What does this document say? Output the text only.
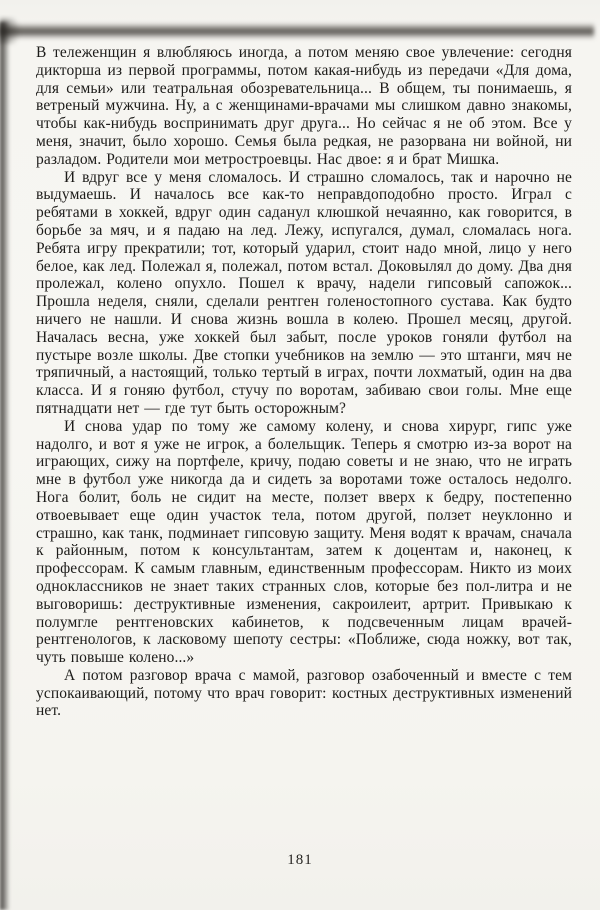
В тележенщин я влюбляюсь иногда, а потом меняю свое увлечение: сегодня дикторша из первой программы, потом какая-нибудь из передачи «Для дома, для семьи» или театральная обозревательница... В общем, ты понимаешь, я ветреный мужчина. Ну, а с женщинами-врачами мы слишком давно знакомы, чтобы как-нибудь воспринимать друг друга... Но сейчас я не об этом. Все у меня, значит, было хорошо. Семья была редкая, не разорвана ни войной, ни разладом. Родители мои метростроевцы. Нас двое: я и брат Мишка.

И вдруг все у меня сломалось. И страшно сломалось, так и нарочно не выдумаешь. И началось все как-то неправдоподобно просто. Играл с ребятами в хоккей, вдруг один саданул клюшкой нечаянно, как говорится, в борьбе за мяч, и я падаю на лед. Лежу, испугался, думал, сломалась нога. Ребята игру прекратили; тот, который ударил, стоит надо мной, лицо у него белое, как лед. Полежал я, полежал, потом встал. Доковылял до дому. Два дня пролежал, колено опухло. Пошел к врачу, надели гипсовый сапожок... Прошла неделя, сняли, сделали рентген голеностопного сустава. Как будто ничего не нашли. И снова жизнь вошла в колею. Прошел месяц, другой. Началась весна, уже хоккей был забыт, после уроков гоняли футбол на пустыре возле школы. Две стопки учебников на землю — это штанги, мяч не тряпичный, а настоящий, только тертый в играх, почти лохматый, один на два класса. И я гоняю футбол, стучу по воротам, забиваю свои голы. Мне еще пятнадцати нет — где тут быть осторожным?

И снова удар по тому же самому колену, и снова хирург, гипс уже надолго, и вот я уже не игрок, а болельщик. Теперь я смотрю из-за ворот на играющих, сижу на портфеле, кричу, подаю советы и не знаю, что не играть мне в футбол уже никогда да и сидеть за воротами тоже осталось недолго. Нога болит, боль не сидит на месте, ползет вверх к бедру, постепенно отвоевывает еще один участок тела, потом другой, ползет неуклонно и страшно, как танк, подминает гипсовую защиту. Меня водят к врачам, сначала к районным, потом к консультантам, затем к доцентам и, наконец, к профессорам. К самым главным, единственным профессорам. Никто из моих одноклассников не знает таких странных слов, которые без пол-литра и не выговоришь: деструктивные изменения, сакроилеит, артрит. Привыкаю к полумгле рентгеновских кабинетов, к подсвеченным лицам врачей-рентгенологов, к ласковому шепоту сестры: «Поближе, сюда ножку, вот так, чуть повыше колено...»

А потом разговор врача с мамой, разговор озабоченный и вместе с тем успокаивающий, потому что врач говорит: костных деструктивных изменений нет.

181
